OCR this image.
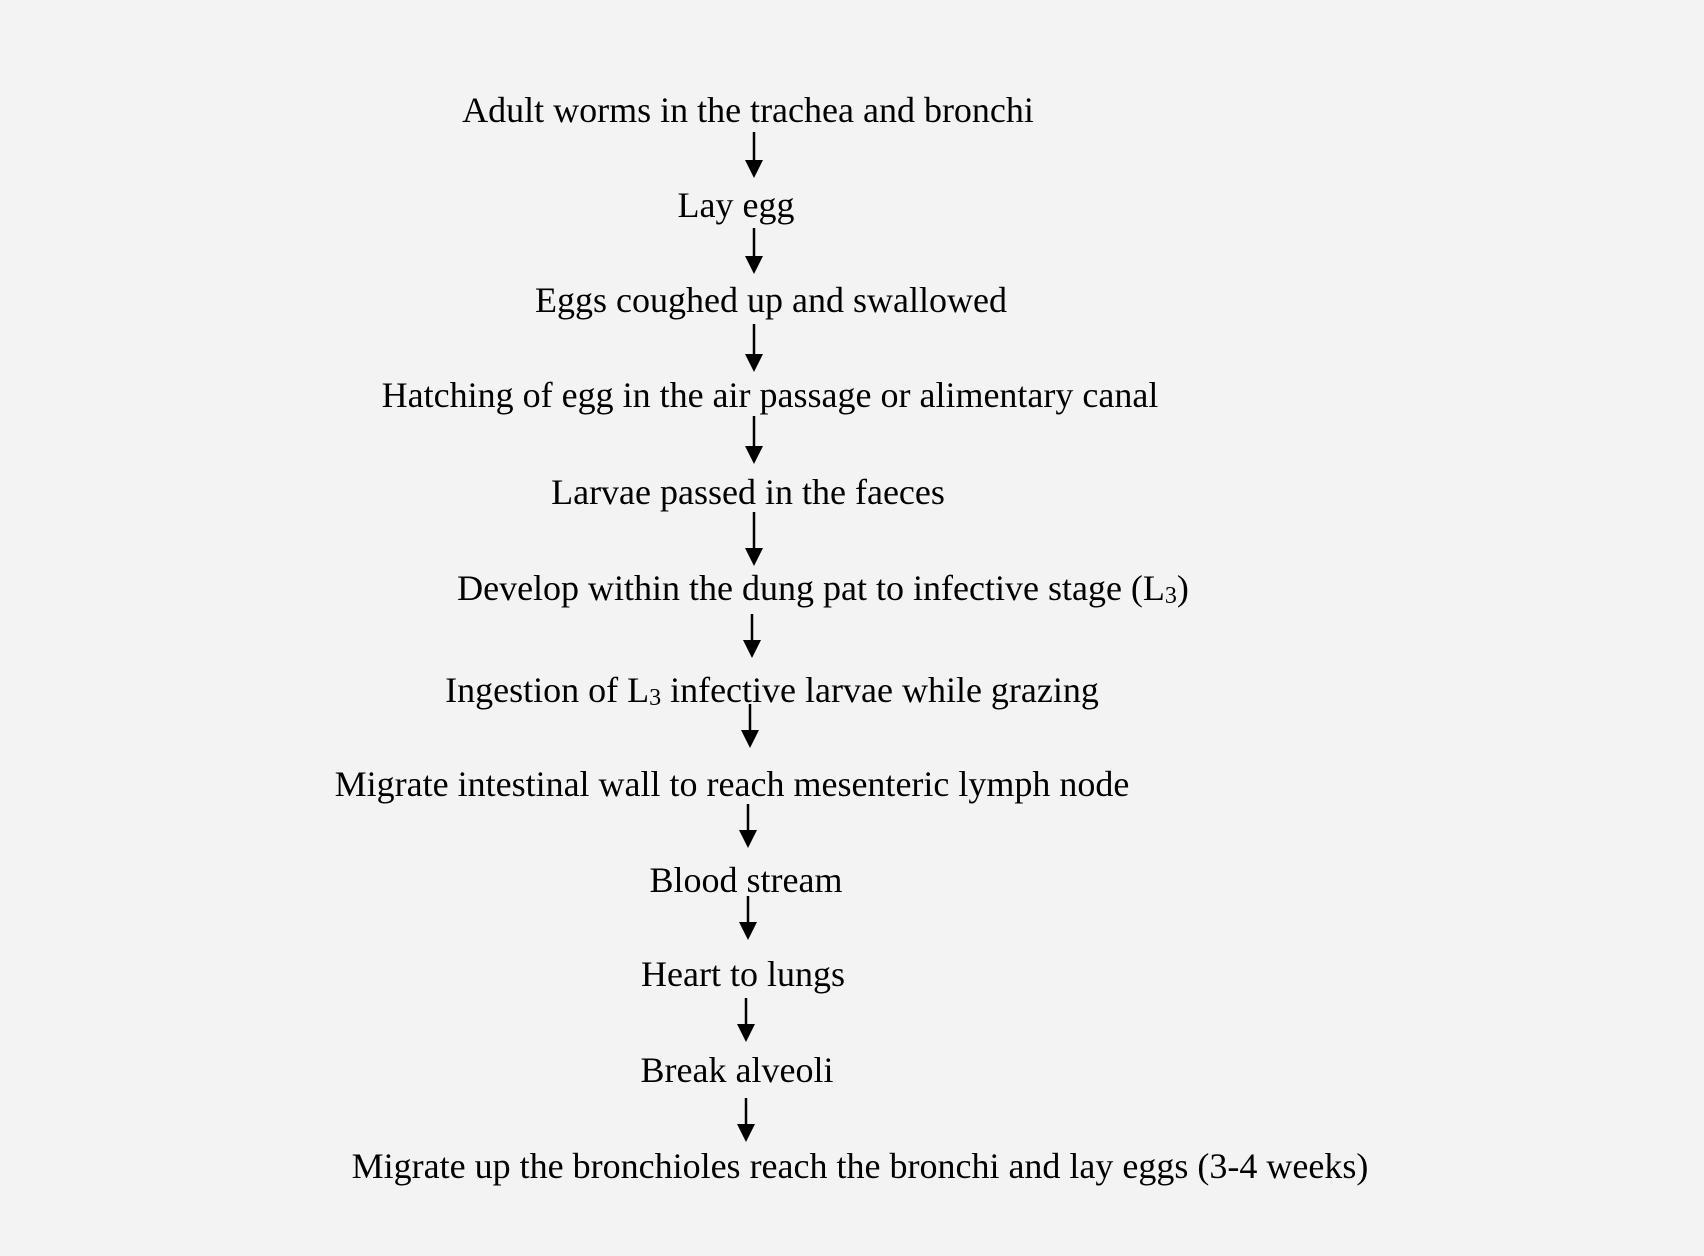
Adult worms in the trachea and bronchi
Lay egg
Eggs coughed up and swallowed
Hatching of egg in the air passage or alimentary canal
Larvae passed in the faeces
Develop within the dung pat to infective stage $(L_3)$
Ingestion of $L_3$ infective larvae while grazing
Migrate intestinal wall to reach mesenteric lymph node
Blood stream
Heart to lungs
Break alveoli
Migrate up the bronchioles reach the bronchi and lay eggs (3-4 weeks)
